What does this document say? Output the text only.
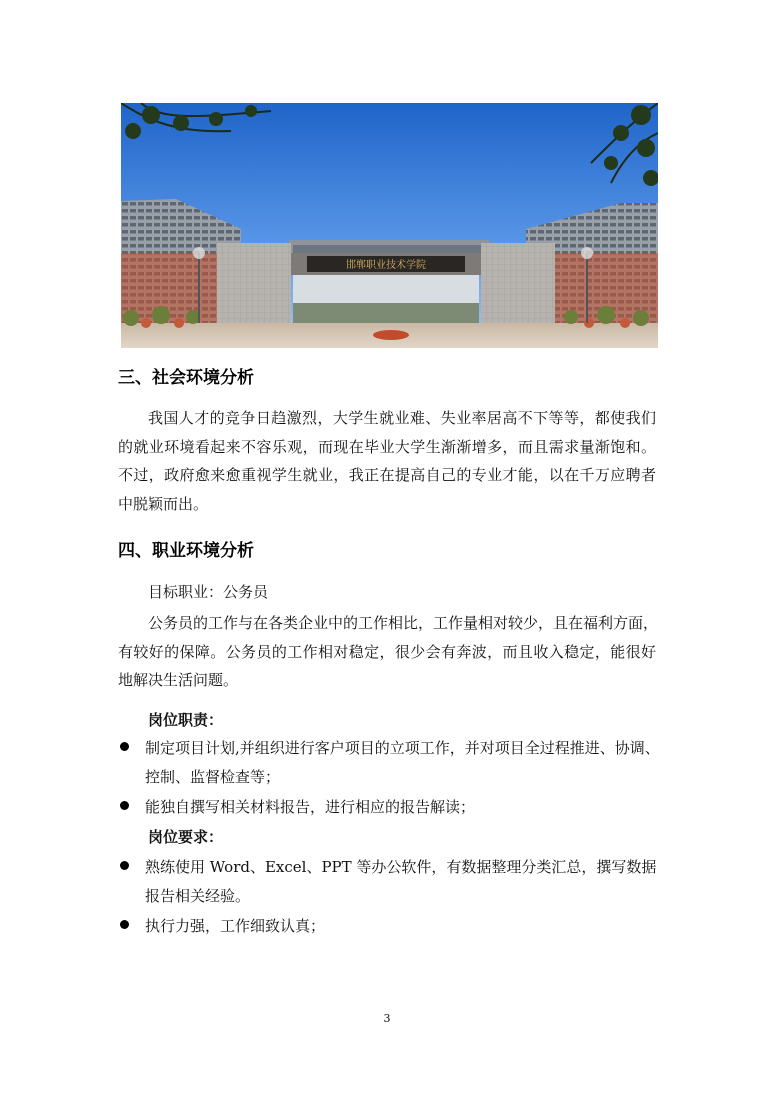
邯郸职业技术学院
三、社会环境分析

我国人才的竞争日趋激烈，大学生就业难、失业率居高不下等等，都使我们
的就业环境看起来不容乐观，而现在毕业大学生渐渐增多，而且需求量渐饱和。
不过，政府愈来愈重视学生就业，我正在提高自己的专业才能，以在千万应聘者
中脱颖而出。

四、职业环境分析

目标职业：公务员

公务员的工作与在各类企业中的工作相比，工作量相对较少，且在福利方面，
有较好的保障。公务员的工作相对稳定，很少会有奔波，而且收入稳定，能很好
地解决生活问题。

岗位职责：

制定项目计划,并组织进行客户项目的立项工作，并对项目全过程推进、协调、
控制、监督检查等；

能独自撰写相关材料报告，进行相应的报告解读；

岗位要求：

熟练使用 Word、Excel、PPT 等办公软件，有数据整理分类汇总，撰写数据
报告相关经验。

执行力强，工作细致认真；

3
